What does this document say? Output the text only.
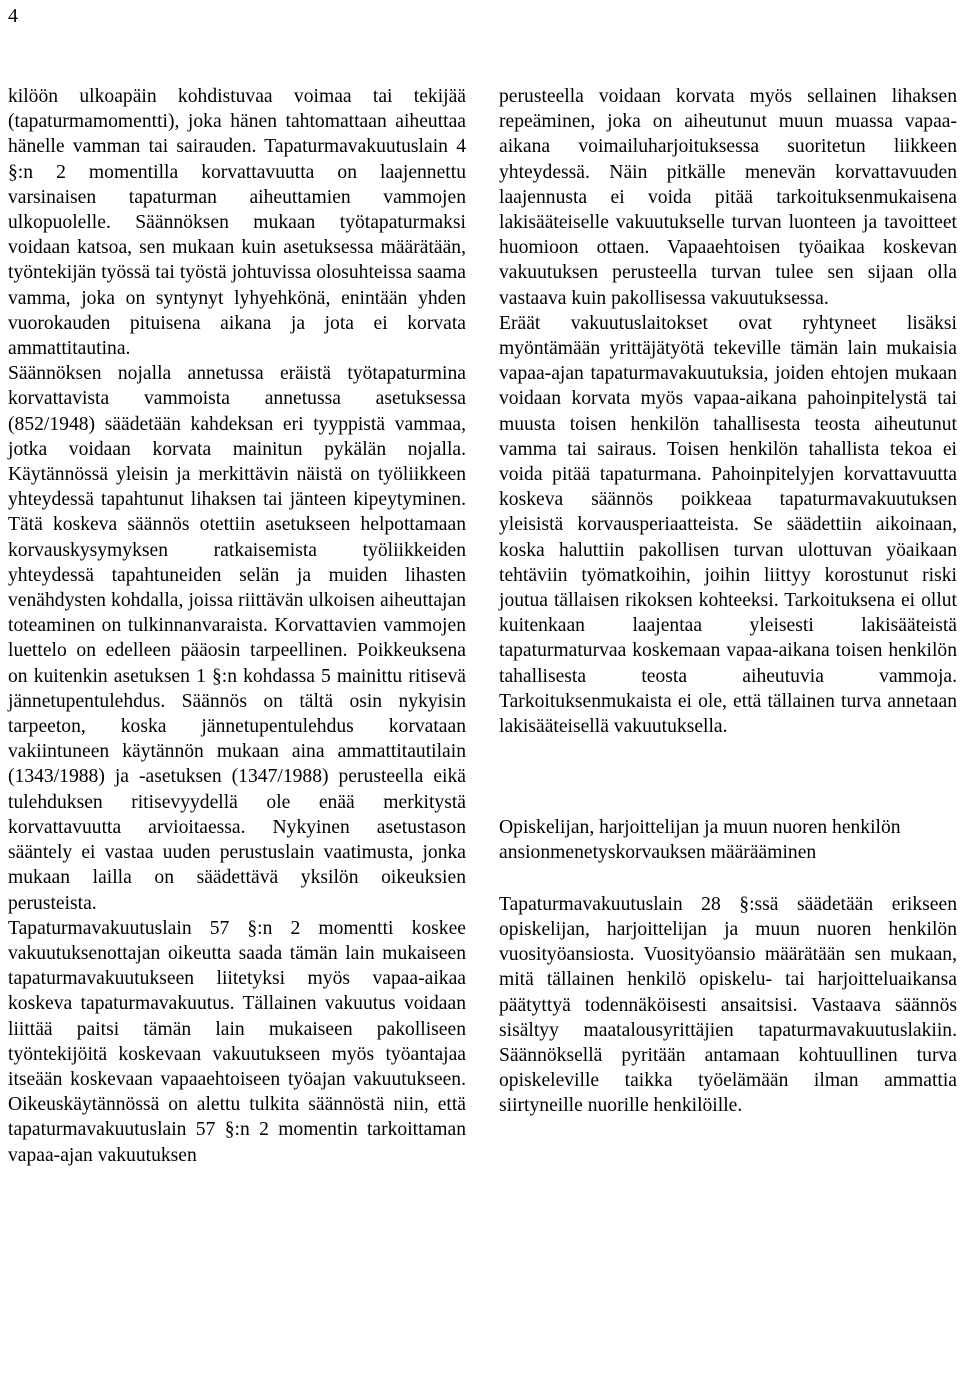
4

kilöön ulkoapäin kohdistuvaa voimaa tai tekijää (tapaturmamomentti), joka hänen tahtomattaan aiheuttaa hänelle vamman tai sairauden. Tapaturmavakuutuslain 4 §:n 2 momentilla korvattavuutta on laajennettu varsinaisen tapaturman aiheuttamien vammojen ulkopuolelle. Säännöksen mukaan työtapaturmaksi voidaan katsoa, sen mukaan kuin asetuksessa määrätään, työntekijän työssä tai työstä johtuvissa olosuhteissa saama vamma, joka on syntynyt lyhyehkönä, enintään yhden vuorokauden pituisena aikana ja jota ei korvata ammattitautina.

Säännöksen nojalla annetussa eräistä työtapaturmina korvattavista vammoista annetussa asetuksessa (852/1948) säädetään kahdeksan eri tyyppistä vammaa, jotka voidaan korvata mainitun pykälän nojalla. Käytännössä yleisin ja merkittävin näistä on työliikkeen yhteydessä tapahtunut lihaksen tai jänteen kipeytyminen. Tätä koskeva säännös otettiin asetukseen helpottamaan korvauskysymyksen ratkaisemista työliikkeiden yhteydessä tapahtuneiden selän ja muiden lihasten venähdysten kohdalla, joissa riittävän ulkoisen aiheuttajan toteaminen on tulkinnanvaraista. Korvattavien vammojen luettelo on edelleen pääosin tarpeellinen. Poikkeuksena on kuitenkin asetuksen 1 §:n kohdassa 5 mainittu ritisevä jännetupentulehdus. Säännös on tältä osin nykyisin tarpeeton, koska jännetupentulehdus korvataan vakiintuneen käytännön mukaan aina ammattitautilain (1343/1988) ja -asetuksen (1347/1988) perusteella eikä tulehduksen ritisevyydellä ole enää merkitystä korvattavuutta arvioitaessa. Nykyinen asetustason sääntely ei vastaa uuden perustuslain vaatimusta, jonka mukaan lailla on säädettävä yksilön oikeuksien perusteista.

Tapaturmavakuutuslain 57 §:n 2 momentti koskee vakuutuksenottajan oikeutta saada tämän lain mukaiseen tapaturmavakuutukseen liitetyksi myös vapaa-aikaa koskeva tapaturmavakuutus. Tällainen vakuutus voidaan liittää paitsi tämän lain mukaiseen pakolliseen työntekijöitä koskevaan vakuutukseen myös työantajaa itseään koskevaan vapaaehtoiseen työajan vakuutukseen. Oikeuskäytännössä on alettu tulkita säännöstä niin, että tapaturmavakuutuslain 57 §:n 2 momentin tarkoittaman vapaa-ajan vakuutuksen

perusteella voidaan korvata myös sellainen lihaksen repeäminen, joka on aiheutunut muun muassa vapaa-aikana voimailuharjoituksessa suoritetun liikkeen yhteydessä. Näin pitkälle menevän korvattavuuden laajennusta ei voida pitää tarkoituksenmukaisena lakisääteiselle vakuutukselle turvan luonteen ja tavoitteet huomioon ottaen. Vapaaehtoisen työaikaa koskevan vakuutuksen perusteella turvan tulee sen sijaan olla vastaava kuin pakollisessa vakuutuksessa.

Eräät vakuutuslaitokset ovat ryhtyneet lisäksi myöntämään yrittäjätyötä tekeville tämän lain mukaisia vapaa-ajan tapaturmavakuutuksia, joiden ehtojen mukaan voidaan korvata myös vapaa-aikana pahoinpitelystä tai muusta toisen henkilön tahallisesta teosta aiheutunut vamma tai sairaus. Toisen henkilön tahallista tekoa ei voida pitää tapaturmana. Pahoinpitelyjen korvattavuutta koskeva säännös poikkeaa tapaturmavakuutuksen yleisistä korvausperiaatteista. Se säädettiin aikoinaan, koska haluttiin pakollisen turvan ulottuvan yöaikaan tehtäviin työmatkoihin, joihin liittyy korostunut riski joutua tällaisen rikoksen kohteeksi. Tarkoituksena ei ollut kuitenkaan laajentaa yleisesti lakisääteistä tapaturmaturvaa koskemaan vapaa-aikana toisen henkilön tahallisesta teosta aiheutuvia vammoja. Tarkoituksenmukaista ei ole, että tällainen turva annetaan lakisääteisellä vakuutuksella.

Opiskelijan, harjoittelijan ja muun nuoren henkilön ansionmenetyskorvauksen määrääminen

Tapaturmavakuutuslain 28 §:ssä säädetään erikseen opiskelijan, harjoittelijan ja muun nuoren henkilön vuosityöansiosta. Vuosityöansio määrätään sen mukaan, mitä tällainen henkilö opiskelu- tai harjoitteluaikansa päätyttyä todennäköisesti ansaitsisi. Vastaava säännös sisältyy maatalousyrittäjien tapaturmavakuutuslakiin. Säännöksellä pyritään antamaan kohtuullinen turva opiskeleville taikka työelämään ilman ammattia siirtyneille nuorille henkilöille.
